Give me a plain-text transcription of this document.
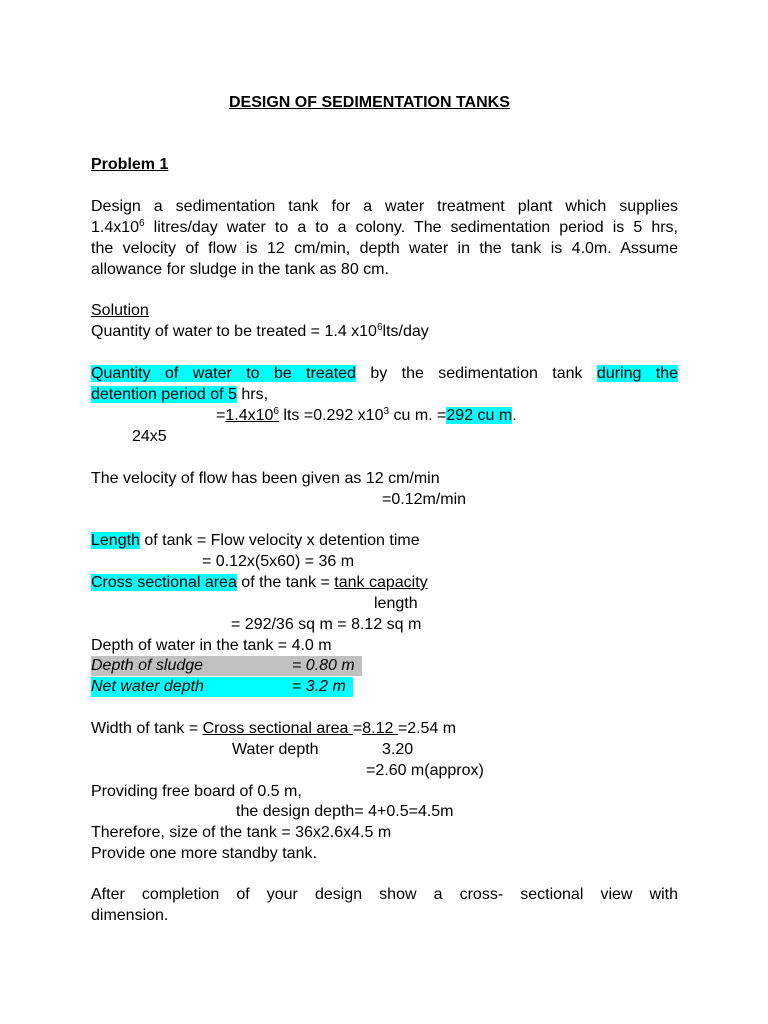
DESIGN OF SEDIMENTATION TANKS
Problem 1
Design a sedimentation tank for a water treatment plant which supplies
$1.4x10^6$ litres/day water to a to a colony. The sedimentation period is 5 hrs,
the velocity of flow is 12 cm/min, depth water in the tank is 4.0m. Assume
allowance for sludge in the tank as 80 cm.
Solution
Quantity of water to be treated = 1.4 $x10^6lts$/day
Quantity of water to be treated by the sedimentation tank during the
detention period of 5 hrs,
$=1.4x10^6$ lts =0.292 $x10^3$ cu m. =292 cu m.
24x5
The velocity of flow has been given as 12 cm/min
=0.12m/min
Length of tank = Flow velocity x detention time
= 0.12x(5x60) = 36 m
Cross sectional area of the tank = tank capacity
length
= 292/36 sq m = 8.12 sq m
Depth of water in the tank = 4.0 m
Depth of sludge	= 0.80 m
Net water depth	= 3.2 m
Width of tank = Cross sectional area =8.12 =2.54 m
Water depth	3.20
=2.60 m(approx)
Providing free board of 0.5 m,
the design depth= 4+0.5=4.5m
Therefore, size of the tank = 36x2.6x4.5 m
Provide one more standby tank.
After completion of your design show a cross- sectional view with
dimension.
